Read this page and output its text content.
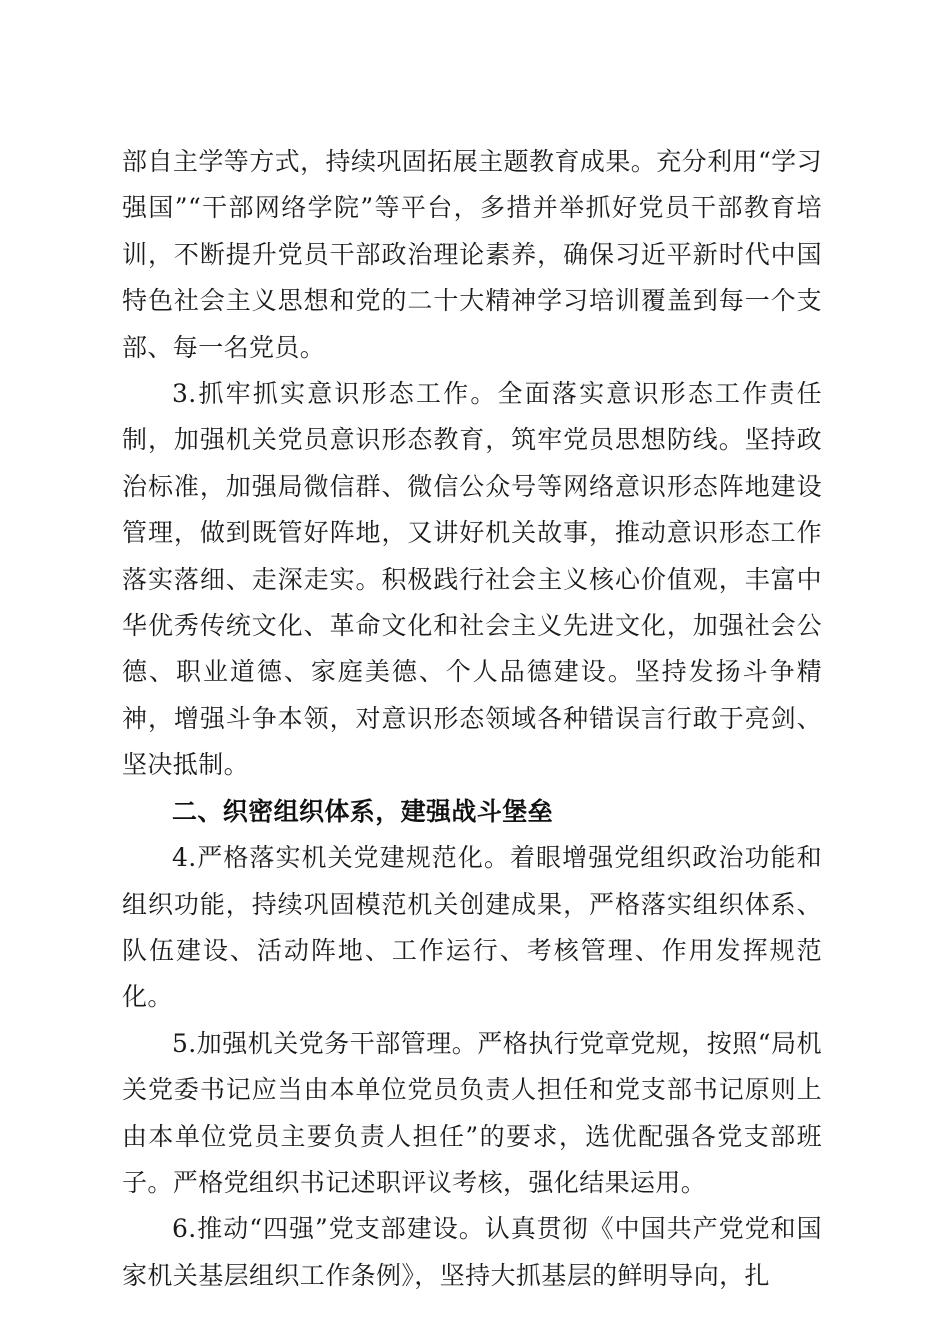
部自主学等方式，持续巩固拓展主题教育成果。充分利用“学习强国”“干部网络学院”等平台，多措并举抓好党员干部教育培训，不断提升党员干部政治理论素养，确保习近平新时代中国特色社会主义思想和党的二十大精神学习培训覆盖到每一个支部、每一名党员。

3.抓牢抓实意识形态工作。全面落实意识形态工作责任制，加强机关党员意识形态教育，筑牢党员思想防线。坚持政治标准，加强局微信群、微信公众号等网络意识形态阵地建设管理，做到既管好阵地，又讲好机关故事，推动意识形态工作落实落细、走深走实。积极践行社会主义核心价值观，丰富中华优秀传统文化、革命文化和社会主义先进文化，加强社会公德、职业道德、家庭美德、个人品德建设。坚持发扬斗争精神，增强斗争本领，对意识形态领域各种错误言行敢于亮剑、坚决抵制。

二、织密组织体系，建强战斗堡垒

4.严格落实机关党建规范化。着眼增强党组织政治功能和组织功能，持续巩固模范机关创建成果，严格落实组织体系、队伍建设、活动阵地、工作运行、考核管理、作用发挥规范化。

5.加强机关党务干部管理。严格执行党章党规，按照“局机关党委书记应当由本单位党员负责人担任和党支部书记原则上由本单位党员主要负责人担任”的要求，选优配强各党支部班子。严格党组织书记述职评议考核，强化结果运用。

6.推动“四强”党支部建设。认真贯彻《中国共产党党和国家机关基层组织工作条例》，坚持大抓基层的鲜明导向，扎
